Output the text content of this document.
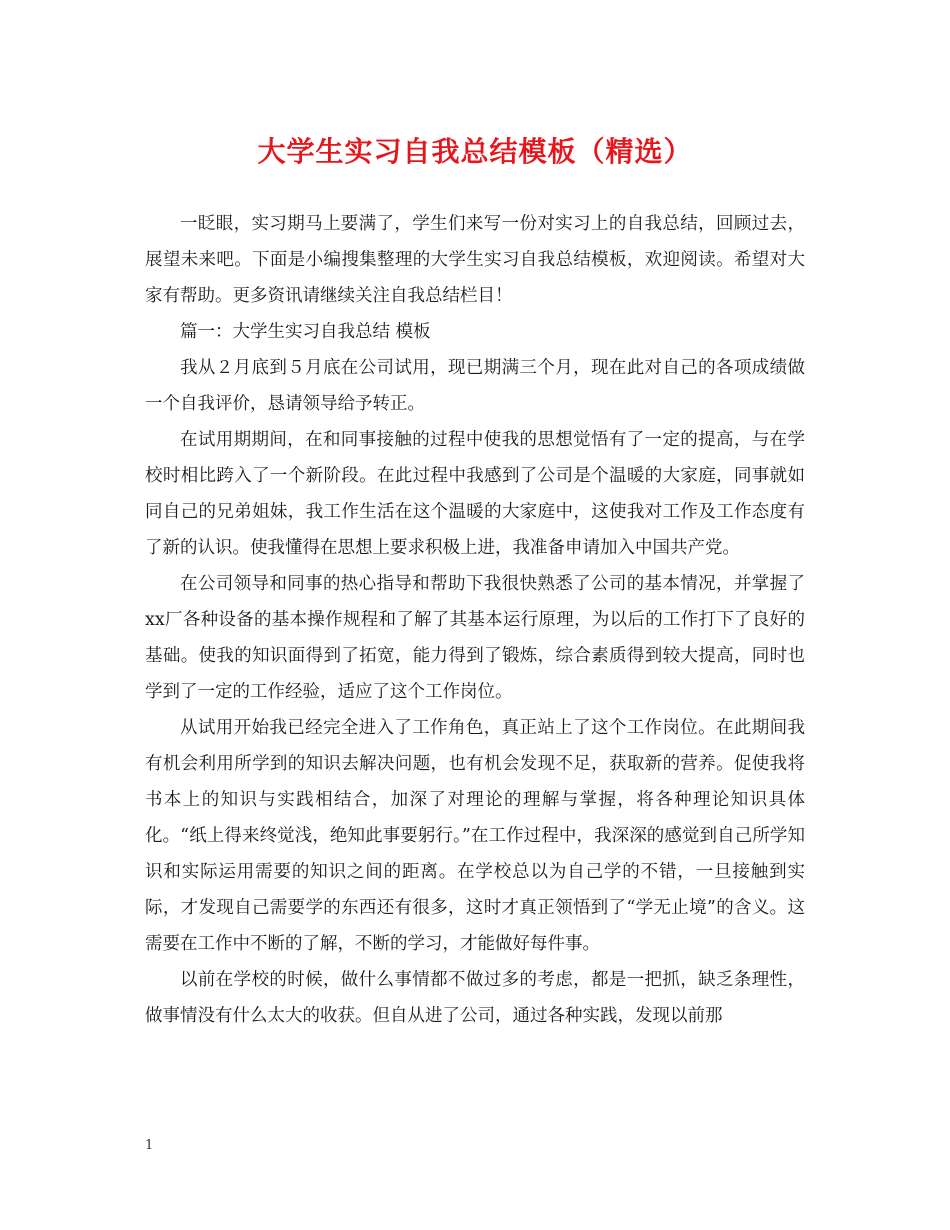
大学生实习自我总结模板（精选）

一眨眼，实习期马上要满了，学生们来写一份对实习上的自我总结，回顾过去，展望未来吧。下面是小编搜集整理的大学生实习自我总结模板，欢迎阅读。希望对大家有帮助。更多资讯请继续关注自我总结栏目！

篇一：大学生实习自我总结 模板

我从２月底到５月底在公司试用，现已期满三个月，现在此对自己的各项成绩做一个自我评价，恳请领导给予转正。

在试用期期间，在和同事接触的过程中使我的思想觉悟有了一定的提高，与在学校时相比跨入了一个新阶段。在此过程中我感到了公司是个温暖的大家庭，同事就如同自己的兄弟姐妹，我工作生活在这个温暖的大家庭中，这使我对工作及工作态度有了新的认识。使我懂得在思想上要求积极上进，我准备申请加入中国共产党。

在公司领导和同事的热心指导和帮助下我很快熟悉了公司的基本情况，并掌握了xx厂各种设备的基本操作规程和了解了其基本运行原理，为以后的工作打下了良好的基础。使我的知识面得到了拓宽，能力得到了锻炼，综合素质得到较大提高，同时也学到了一定的工作经验，适应了这个工作岗位。

从试用开始我已经完全进入了工作角色，真正站上了这个工作岗位。在此期间我有机会利用所学到的知识去解决问题，也有机会发现不足，获取新的营养。促使我将书本上的知识与实践相结合，加深了对理论的理解与掌握，将各种理论知识具体化。“纸上得来终觉浅，绝知此事要躬行。”在工作过程中，我深深的感觉到自己所学知识和实际运用需要的知识之间的距离。在学校总以为自己学的不错，一旦接触到实际，才发现自己需要学的东西还有很多，这时才真正领悟到了“学无止境”的含义。这需要在工作中不断的了解，不断的学习，才能做好每件事。

以前在学校的时候，做什么事情都不做过多的考虑，都是一把抓，缺乏条理性，做事情没有什么太大的收获。但自从进了公司，通过各种实践，发现以前那

1
